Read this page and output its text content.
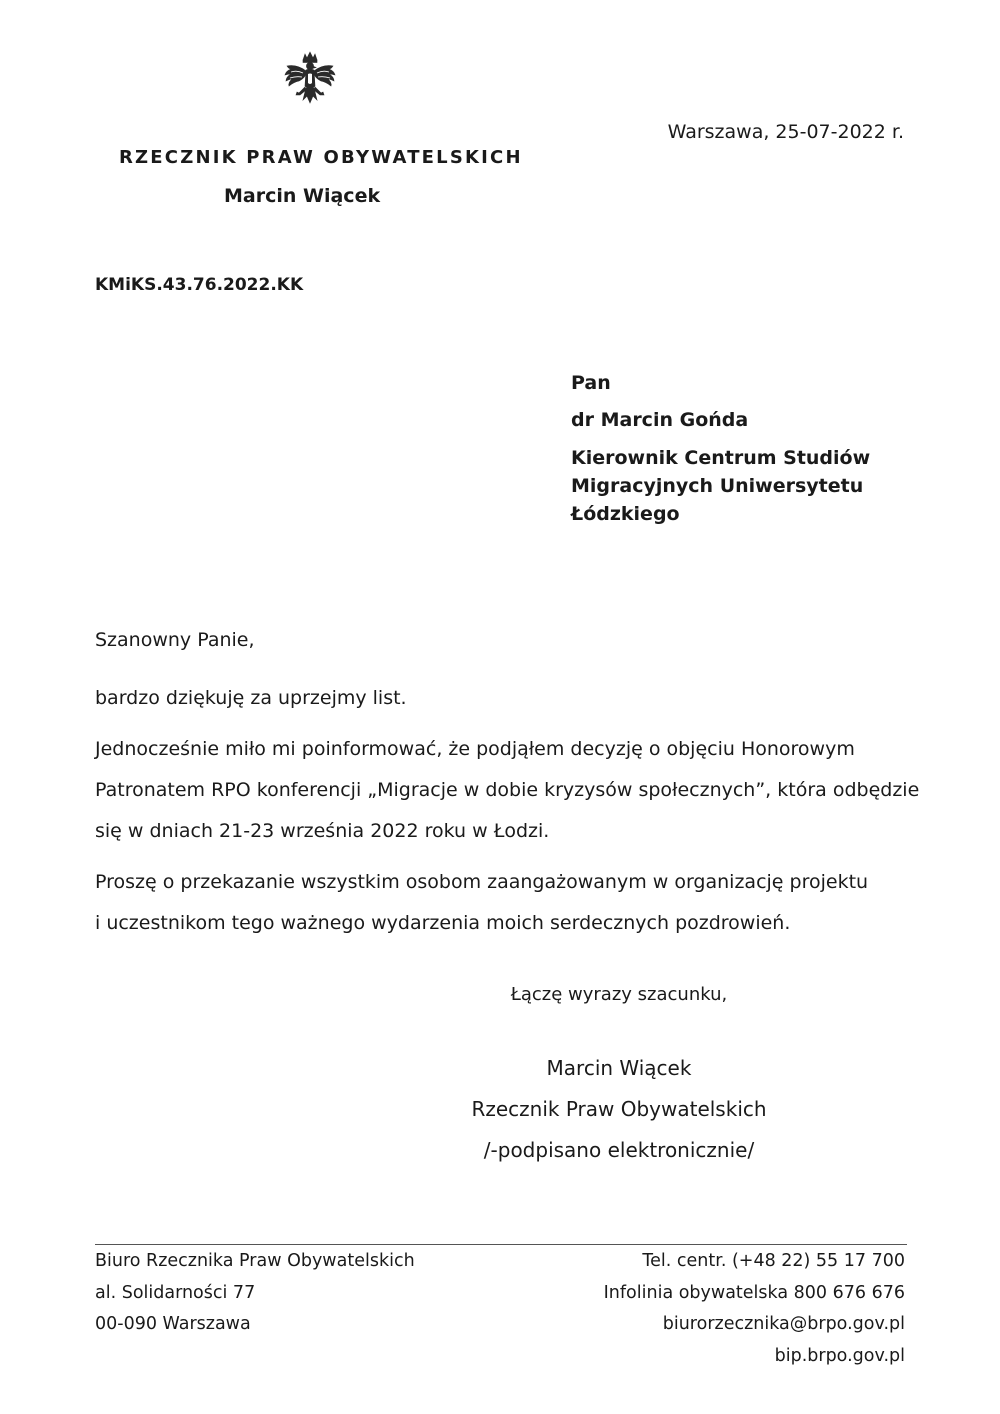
RZECZNIK PRAW OBYWATELSKICH
Marcin Wiącek
Warszawa, 25-07-2022 r.
KMiKS.43.76.2022.KK
Pan
dr Marcin Gońda
Kierownik Centrum Studiów
Migracyjnych Uniwersytetu
Łódzkiego
Szanowny Panie,
bardzo dziękuję za uprzejmy list.
Jednocześnie miło mi poinformować, że podjąłem decyzję o objęciu Honorowym
Patronatem RPO konferencji „Migracje w dobie kryzysów społecznych”, która odbędzie
się w dniach 21-23 września 2022 roku w Łodzi.
Proszę o przekazanie wszystkim osobom zaangażowanym w organizację projektu
i uczestnikom tego ważnego wydarzenia moich serdecznych pozdrowień.
Łączę wyrazy szacunku,
Marcin Wiącek
Rzecznik Praw Obywatelskich
/-podpisano elektronicznie/
Biuro Rzecznika Praw Obywatelskich
al. Solidarności 77
00-090 Warszawa
Tel. centr. (+48 22) 55 17 700
Infolinia obywatelska 800 676 676
biurorzecznika@brpo.gov.pl
bip.brpo.gov.pl
